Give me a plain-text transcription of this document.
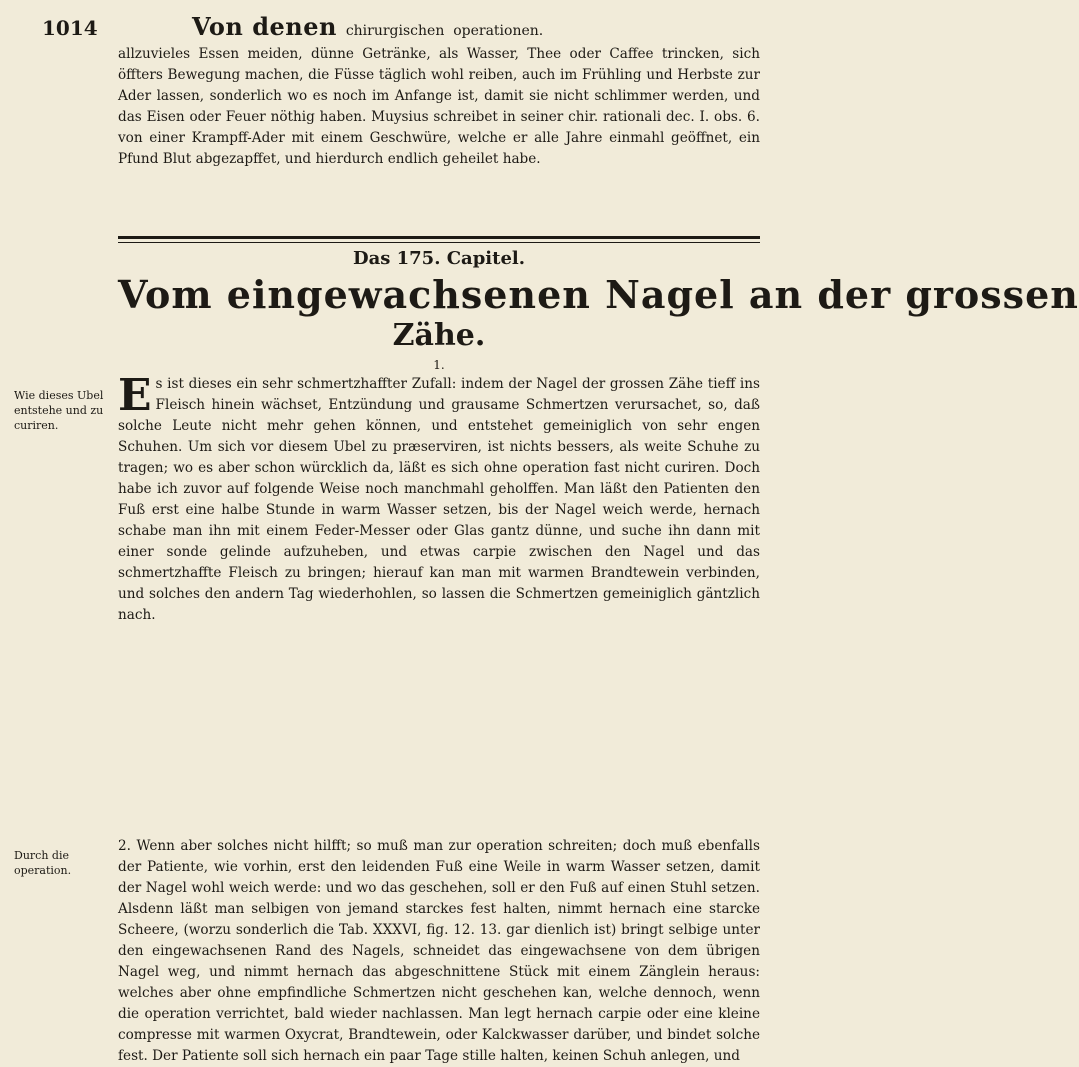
1014	Von denen chirurgischen operationen.
allzuvieles Essen meiden, dünne Getränke, als Wasser, Thee oder Caffee trincken, sich öffters Bewegung machen, die Füsse täglich wohl reiben, auch im Frühling und Herbste zur Ader lassen, sonderlich wo es noch im Anfange ist, damit sie nicht schlimmer werden, und das Eisen oder Feuer nöthig haben. Muysius schreibet in seiner chir. rationali dec. I. obs. 6. von einer Krampff-Ader mit einem Geschwüre, welche er alle Jahre einmahl geöffnet, ein Pfund Blut abgezapffet, und hierdurch endlich geheilet habe.
Das 175. Capitel.
Vom eingewachsenen Nagel an der grossen
Zähe.
1.
Wie dieses Ubel entstehe und zu curiren.
Es ist dieses ein sehr schmertzhaffter Zufall: indem der Nagel der grossen Zähe tieff ins Fleisch hinein wächset, Entzündung und grausame Schmertzen verursachet, so, daß solche Leute nicht mehr gehen können, und entstehet gemeiniglich von sehr engen Schuhen. Um sich vor diesem Ubel zu præserviren, ist nichts bessers, als weite Schuhe zu tragen; wo es aber schon würcklich da, läßt es sich ohne operation fast nicht curiren. Doch habe ich zuvor auf folgende Weise noch manchmahl geholffen. Man läßt den Patienten den Fuß erst eine halbe Stunde in warm Wasser setzen, bis der Nagel weich werde, hernach schabe man ihn mit einem Feder-Messer oder Glas gantz dünne, und suche ihn dann mit einer sonde gelinde aufzuheben, und etwas carpie zwischen den Nagel und das schmertzhaffte Fleisch zu bringen; hierauf kan man mit warmen Brandtewein verbinden, und solches den andern Tag wiederhohlen, so lassen die Schmertzen gemeiniglich gäntzlich nach.
Durch die operation.
2. Wenn aber solches nicht hilfft; so muß man zur operation schreiten; doch muß ebenfalls der Patiente, wie vorhin, erst den leidenden Fuß eine Weile in warm Wasser setzen, damit der Nagel wohl weich werde: und wo das geschehen, soll er den Fuß auf einen Stuhl setzen. Alsdenn läßt man selbigen von jemand starckes fest halten, nimmt hernach eine starcke Scheere, (worzu sonderlich die Tab. XXXVI, fig. 12. 13. gar dienlich ist) bringt selbige unter den eingewachsenen Rand des Nagels, schneidet das eingewachsene von dem übrigen Nagel weg, und nimmt hernach das abgeschnittene Stück mit einem Zänglein heraus: welches aber ohne empfindliche Schmertzen nicht geschehen kan, welche dennoch, wenn die operation verrichtet, bald wieder nachlassen. Man legt hernach carpie oder eine kleine compresse mit warmen Oxycrat, Brandtewein, oder Kalckwasser darüber, und bindet solche fest. Der Patiente soll sich hernach ein paar Tage stille halten, keinen Schuh anlegen, und
